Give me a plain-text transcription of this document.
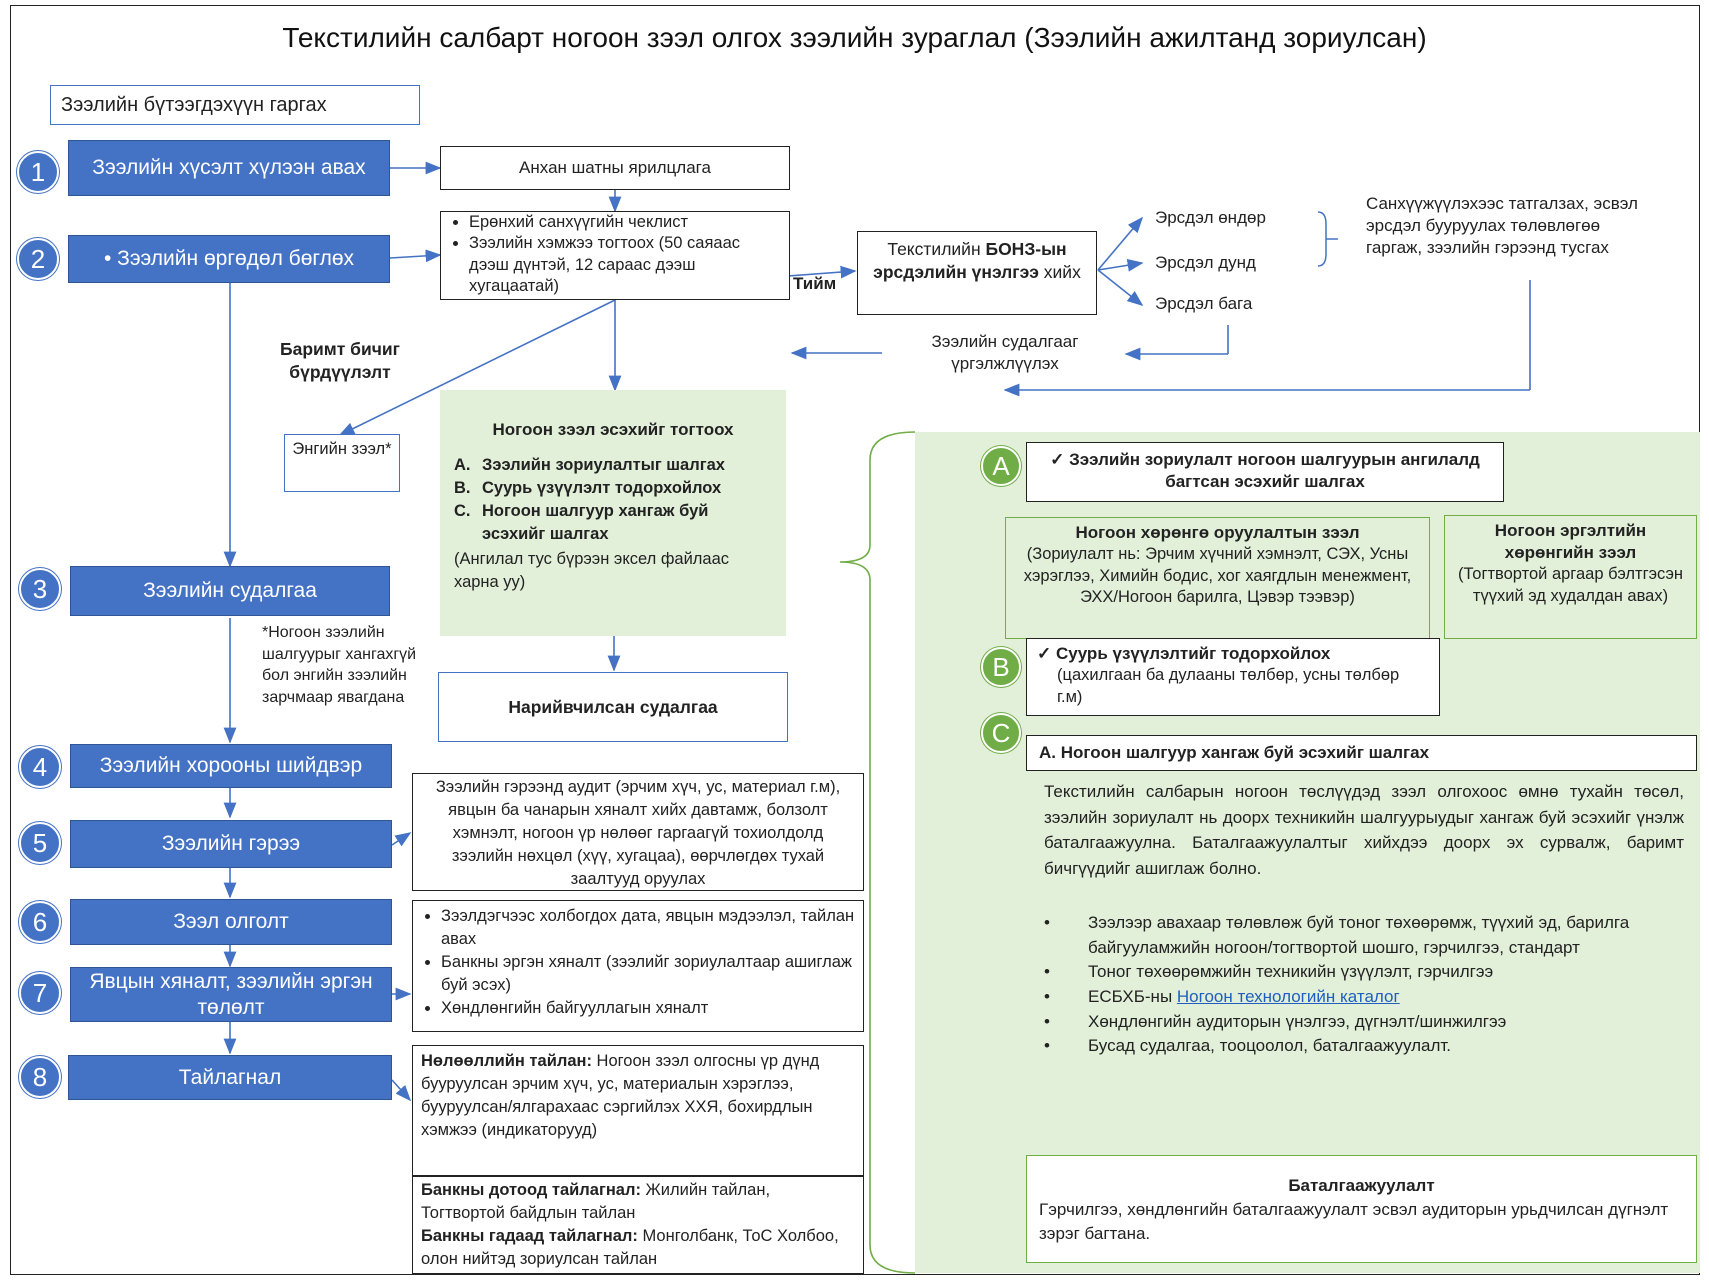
Текстилийн салбарт ногоон зээл олгох зээлийн зураглал (Зээлийн ажилтанд зориулсан)
Зээлийн бүтээгдэхүүн гаргах
1	Зээлийн хүсэлт хүлээн авах
2	• Зээлийн өргөдөл бөглөх
3	Зээлийн судалгаа
4	Зээлийн хорооны шийдвэр
5	Зээлийн гэрээ
6	Зээл олголт
7	Явцын хяналт, зээлийн эргэн төлөлт
8	Тайлагнал
Анхан шатны ярилцлага
• Ерөнхий санхүүгийн чеклист
• Зээлийн хэмжээ тогтоох (50 саяаас дээш дүнтэй, 12 сараас дээш хугацаатай)	Тийм
Текстилийн БОНЗ-ын эрсдэлийн үнэлгээ хийх
Эрсдэл өндөр
Эрсдэл дунд
Эрсдэл бага
Санхүүжүүлэхээс татгалзах, эсвэл эрсдэл бууруулах төлөвлөгөө гаргаж, зээлийн гэрээнд тусгах
Зээлийн судалгааг үргэлжлүүлэх
Баримт бичиг бүрдүүлэлт
Энгийн зээл*
Ногоон зээл эсэхийг тогтоох
A. Зээлийн зориулалтыг шалгах
B. Суурь үзүүлэлт тодорхойлох
C. Ногоон шалгуур хангаж буй эсэхийг шалгах
(Ангилал тус бүрээн эксел файлаас харна уу)
Нарийвчилсан судалгаа
*Ногоон зээлийн шалгуурыг хангахгүй бол энгийн зээлийн зарчмаар явагдана
Зээлийн гэрээнд аудит (эрчим хүч, ус, материал г.м), явцын ба чанарын хяналт хийх давтамж, болзолт хэмнэлт, ногоон үр нөлөөг гаргаагүй тохиолдолд зээлийн нөхцөл (хүү, хугацаа), өөрчлөгдөх тухай заалтууд оруулах
• Зээлдэгчээс холбогдох дата, явцын мэдээлэл, тайлан авах
• Банкны эргэн хяналт (зээлийг зориулалтаар ашиглаж буй эсэх)
• Хөндлөнгийн байгууллагын хяналт
Нөлөөллийн тайлан: Ногоон зээл олгосны үр дүнд бууруулсан эрчим хүч, ус, материалын хэрэглээ, бууруулсан/ялгарахаас сэргийлэх ХХЯ, бохирдлын хэмжээ (индикаторууд)
Банкны дотоод тайлагнал: Жилийн тайлан, Тогтвортой байдлын тайлан
Банкны гадаад тайлагнал: Монголбанк, ТоС Холбоо, олон нийтэд зориулсан тайлан
A	✓ Зээлийн зориулалт ногоон шалгуурын ангилалд багтсан эсэхийг шалгах
Ногоон хөрөнгө оруулалтын зээл
(Зориулалт нь: Эрчим хүчний хэмнэлт, СЭХ, Усны хэрэглээ, Химийн бодис, хог хаягдлын менежмент, ЭХХ/Ногоон барилга, Цэвэр тээвэр)
Ногоон эргэлтийн хөрөнгийн зээл
(Тогтвортой аргаар бэлтгэсэн түүхий эд худалдан авах)
B	✓ Суурь үзүүлэлтийг тодорхойлох
(цахилгаан ба дулааны төлбөр, усны төлбөр г.м)
C
A. Ногоон шалгуур хангаж буй эсэхийг шалгах
Текстилийн салбарын ногоон төслүүдэд зээл олгохоос өмнө тухайн төсөл, зээлийн зориулалт нь доорх техникийн шалгуурыудыг хангаж буй эсэхийг үнэлж баталгаажуулна. Баталгаажуулалтыг хийхдээ доорх эх сурвалж, баримт бичгүүдийг ашиглаж болно.
•	Зээлээр авахаар төлөвлөж буй тоног төхөөрөмж, түүхий эд, барилга байгууламжийн ногоон/тогтвортой шошго, гэрчилгээ, стандарт
•	Тоног төхөөрөмжийн техникийн үзүүлэлт, гэрчилгээ
•	ЕСБХБ-ны Ногоон технологийн каталог
•	Хөндлөнгийн аудиторын үнэлгээ, дүгнэлт/шинжилгээ
•	Бусад судалгаа, тооцоолол, баталгаажуулалт.
Баталгаажуулалт
Гэрчилгээ, хөндлөнгийн баталгаажуулалт эсвэл аудиторын урьдчилсан дүгнэлт зэрэг багтана.
